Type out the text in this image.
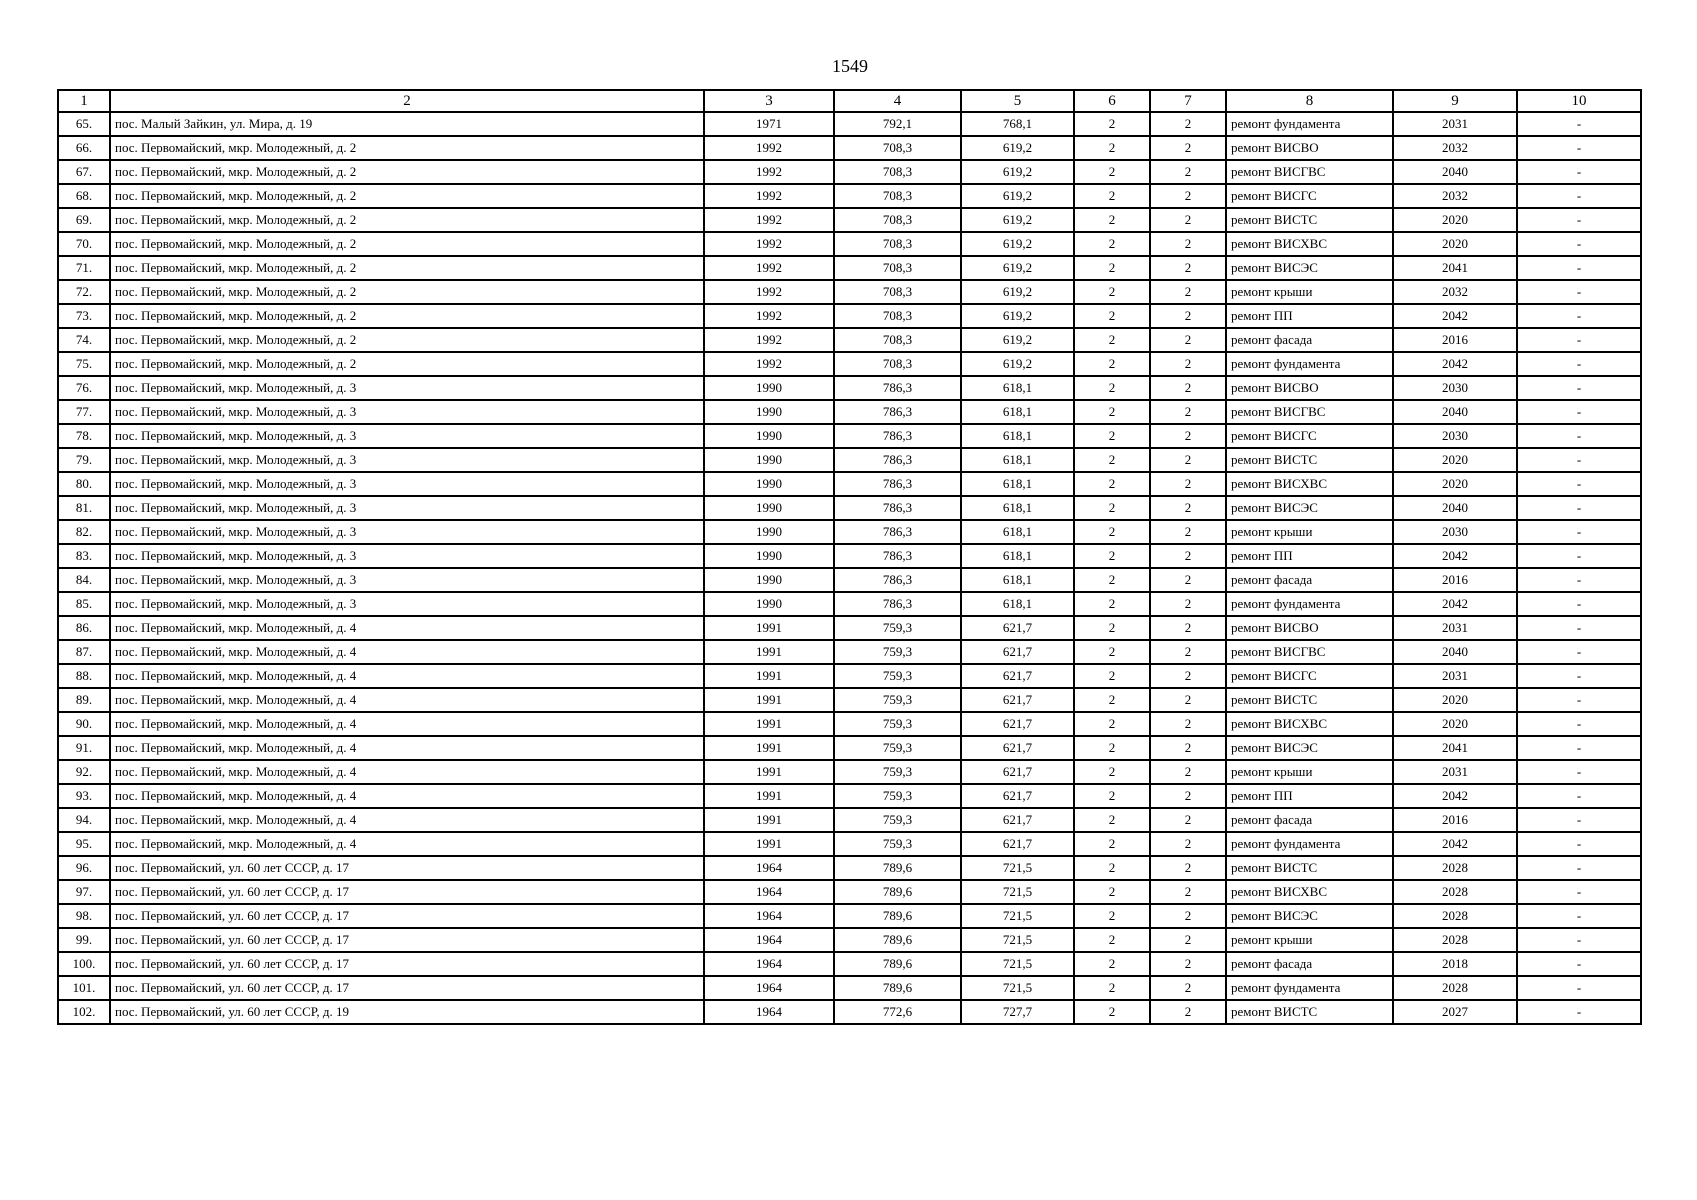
1549
1	2	3	4	5	6	7	8	9	10
65.	пос. Малый Зайкин, ул. Мира, д. 19	1971	792,1	768,1	2	2	ремонт фундамента	2031	-
66.	пос. Первомайский, мкр. Молодежный, д. 2	1992	708,3	619,2	2	2	ремонт ВИСВО	2032	-
67.	пос. Первомайский, мкр. Молодежный, д. 2	1992	708,3	619,2	2	2	ремонт ВИСГВС	2040	-
68.	пос. Первомайский, мкр. Молодежный, д. 2	1992	708,3	619,2	2	2	ремонт ВИСГС	2032	-
69.	пос. Первомайский, мкр. Молодежный, д. 2	1992	708,3	619,2	2	2	ремонт ВИСТС	2020	-
70.	пос. Первомайский, мкр. Молодежный, д. 2	1992	708,3	619,2	2	2	ремонт ВИСХВС	2020	-
71.	пос. Первомайский, мкр. Молодежный, д. 2	1992	708,3	619,2	2	2	ремонт ВИСЭС	2041	-
72.	пос. Первомайский, мкр. Молодежный, д. 2	1992	708,3	619,2	2	2	ремонт крыши	2032	-
73.	пос. Первомайский, мкр. Молодежный, д. 2	1992	708,3	619,2	2	2	ремонт ПП	2042	-
74.	пос. Первомайский, мкр. Молодежный, д. 2	1992	708,3	619,2	2	2	ремонт фасада	2016	-
75.	пос. Первомайский, мкр. Молодежный, д. 2	1992	708,3	619,2	2	2	ремонт фундамента	2042	-
76.	пос. Первомайский, мкр. Молодежный, д. 3	1990	786,3	618,1	2	2	ремонт ВИСВО	2030	-
77.	пос. Первомайский, мкр. Молодежный, д. 3	1990	786,3	618,1	2	2	ремонт ВИСГВС	2040	-
78.	пос. Первомайский, мкр. Молодежный, д. 3	1990	786,3	618,1	2	2	ремонт ВИСГС	2030	-
79.	пос. Первомайский, мкр. Молодежный, д. 3	1990	786,3	618,1	2	2	ремонт ВИСТС	2020	-
80.	пос. Первомайский, мкр. Молодежный, д. 3	1990	786,3	618,1	2	2	ремонт ВИСХВС	2020	-
81.	пос. Первомайский, мкр. Молодежный, д. 3	1990	786,3	618,1	2	2	ремонт ВИСЭС	2040	-
82.	пос. Первомайский, мкр. Молодежный, д. 3	1990	786,3	618,1	2	2	ремонт крыши	2030	-
83.	пос. Первомайский, мкр. Молодежный, д. 3	1990	786,3	618,1	2	2	ремонт ПП	2042	-
84.	пос. Первомайский, мкр. Молодежный, д. 3	1990	786,3	618,1	2	2	ремонт фасада	2016	-
85.	пос. Первомайский, мкр. Молодежный, д. 3	1990	786,3	618,1	2	2	ремонт фундамента	2042	-
86.	пос. Первомайский, мкр. Молодежный, д. 4	1991	759,3	621,7	2	2	ремонт ВИСВО	2031	-
87.	пос. Первомайский, мкр. Молодежный, д. 4	1991	759,3	621,7	2	2	ремонт ВИСГВС	2040	-
88.	пос. Первомайский, мкр. Молодежный, д. 4	1991	759,3	621,7	2	2	ремонт ВИСГС	2031	-
89.	пос. Первомайский, мкр. Молодежный, д. 4	1991	759,3	621,7	2	2	ремонт ВИСТС	2020	-
90.	пос. Первомайский, мкр. Молодежный, д. 4	1991	759,3	621,7	2	2	ремонт ВИСХВС	2020	-
91.	пос. Первомайский, мкр. Молодежный, д. 4	1991	759,3	621,7	2	2	ремонт ВИСЭС	2041	-
92.	пос. Первомайский, мкр. Молодежный, д. 4	1991	759,3	621,7	2	2	ремонт крыши	2031	-
93.	пос. Первомайский, мкр. Молодежный, д. 4	1991	759,3	621,7	2	2	ремонт ПП	2042	-
94.	пос. Первомайский, мкр. Молодежный, д. 4	1991	759,3	621,7	2	2	ремонт фасада	2016	-
95.	пос. Первомайский, мкр. Молодежный, д. 4	1991	759,3	621,7	2	2	ремонт фундамента	2042	-
96.	пос. Первомайский, ул. 60 лет СССР, д. 17	1964	789,6	721,5	2	2	ремонт ВИСТС	2028	-
97.	пос. Первомайский, ул. 60 лет СССР, д. 17	1964	789,6	721,5	2	2	ремонт ВИСХВС	2028	-
98.	пос. Первомайский, ул. 60 лет СССР, д. 17	1964	789,6	721,5	2	2	ремонт ВИСЭС	2028	-
99.	пос. Первомайский, ул. 60 лет СССР, д. 17	1964	789,6	721,5	2	2	ремонт крыши	2028	-
100.	пос. Первомайский, ул. 60 лет СССР, д. 17	1964	789,6	721,5	2	2	ремонт фасада	2018	-
101.	пос. Первомайский, ул. 60 лет СССР, д. 17	1964	789,6	721,5	2	2	ремонт фундамента	2028	-
102.	пос. Первомайский, ул. 60 лет СССР, д. 19	1964	772,6	727,7	2	2	ремонт ВИСТС	2027	-
